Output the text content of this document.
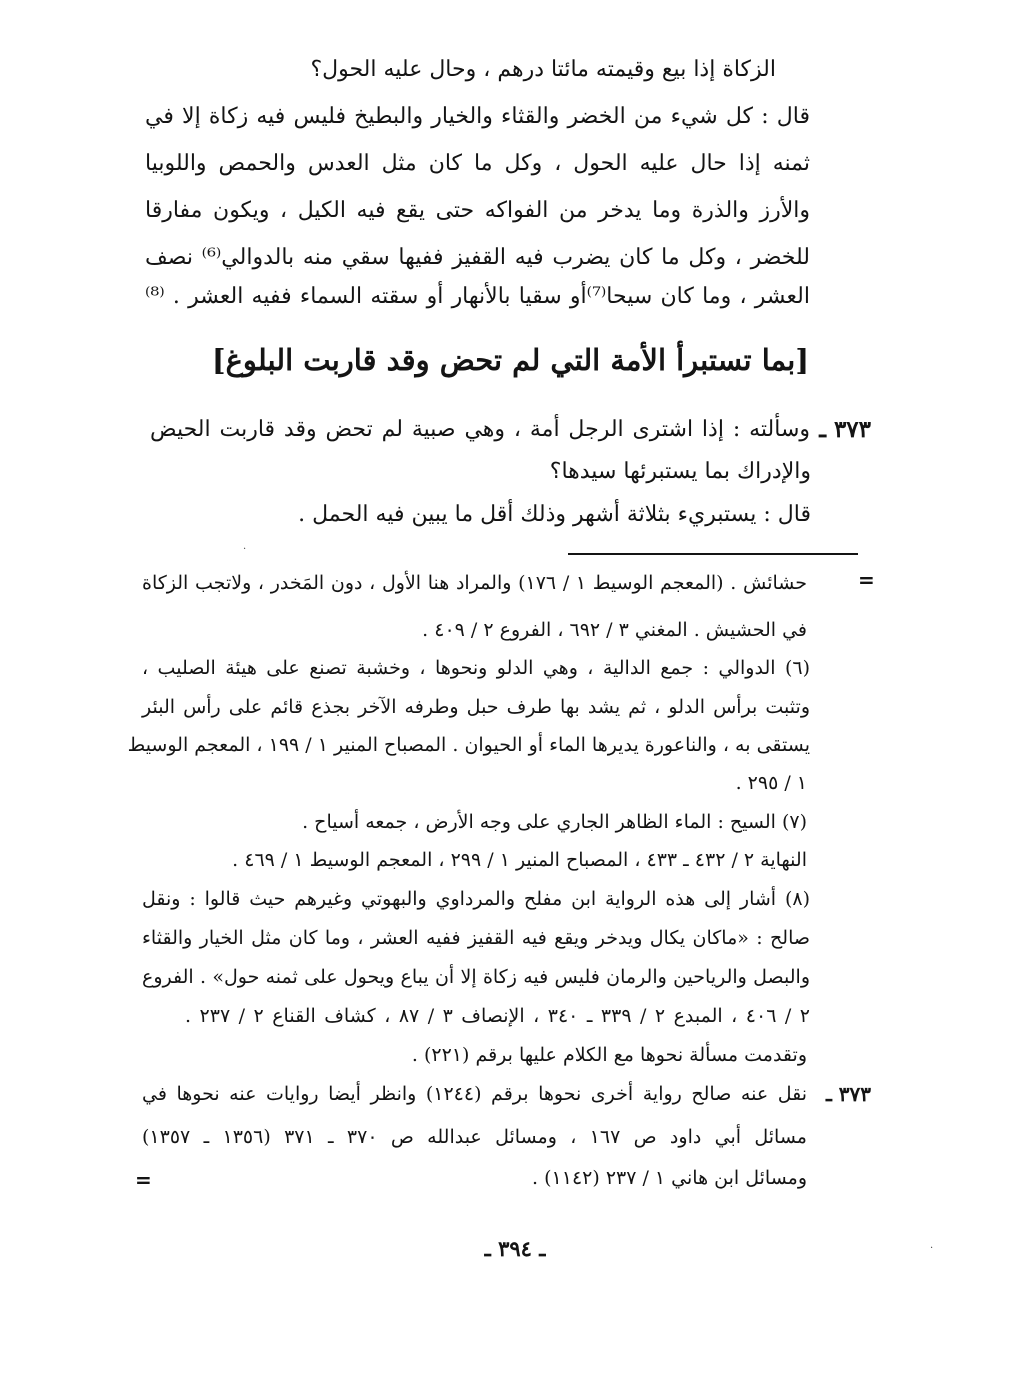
الزكاة إذا بيع وقيمته مائتا درهم ، وحال عليه الحول؟
قال : كل شيء من الخضر والقثاء والخيار والبطيخ فليس فيه زكاة إلا في
ثمنه إذا حال عليه الحول ، وكل ما كان مثل العدس والحمص واللوبيا
والأرز والذرة وما يدخر من الفواكه حتى يقع فيه الكيل ، ويكون مفارقا
للخضر ، وكل ما كان يضرب فيه القفيز ففيها سقي منه بالدوالي⁽⁶⁾ نصف
العشر ، وما كان سيحا⁽⁷⁾أو سقيا بالأنهار أو سقته السماء ففيه العشر . ⁽⁸⁾
[بما تستبرأ الأمة التي لم تحض وقد قاربت البلوغ]
٣٧٣ ـ
وسألته : إذا اشترى الرجل أمة ، وهي صبية لم تحض وقد قاربت الحيض
والإدراك بما يستبرئها سيدها؟
قال : يستبريء بثلاثة أشهر وذلك أقل ما يبين فيه الحمل .
.
=
حشائش . (المعجم الوسيط ١ / ١٧٦) والمراد هنا الأول ، دون المَخدر ، ولاتجب الزكاة
في الحشيش . المغني ٣ / ٦٩٢ ، الفروع ٢ / ٤٠٩ .
(٦) الدوالي : جمع الدالية ، وهي الدلو ونحوها ، وخشبة تصنع على هيئة الصليب ،
وتثبت برأس الدلو ، ثم يشد بها طرف حبل وطرفه الآخر بجذع قائم على رأس البئر
يستقى به ، والناعورة يديرها الماء أو الحيوان . المصباح المنير ١ / ١٩٩ ، المعجم الوسيط
١ / ٢٩٥ .
(٧) السيح : الماء الظاهر الجاري على وجه الأرض ، جمعه أسياح .
النهاية ٢ / ٤٣٢ ـ ٤٣٣ ، المصباح المنير ١ / ٢٩٩ ، المعجم الوسيط ١ / ٤٦٩ .
(٨) أشار إلى هذه الرواية ابن مفلح والمرداوي والبهوتي وغيرهم حيث قالوا : ونقل
صالح : «ماكان يكال ويدخر ويقع فيه القفيز ففيه العشر ، وما كان مثل الخيار والقثاء
والبصل والرياحين والرمان فليس فيه زكاة إلا أن يباع ويحول على ثمنه حول» . الفروع
٢ / ٤٠٦ ، المبدع ٢ / ٣٣٩ ـ ٣٤٠ ، الإنصاف ٣ / ٨٧ ، كشاف القناع ٢ / ٢٣٧ .
وتقدمت مسألة نحوها مع الكلام عليها برقم (٢٢١) .
٣٧٣ ـ
نقل عنه صالح رواية أخرى نحوها برقم (١٢٤٤) وانظر أيضا روايات عنه نحوها في
مسائل أبي داود ص ١٦٧ ، ومسائل عبدالله ص ٣٧٠ ـ ٣٧١ (١٣٥٦ ـ ١٣٥٧)
ومسائل ابن هاني ١ / ٢٣٧ (١١٤٢) .
=
ـ ٣٩٤ ـ	.
